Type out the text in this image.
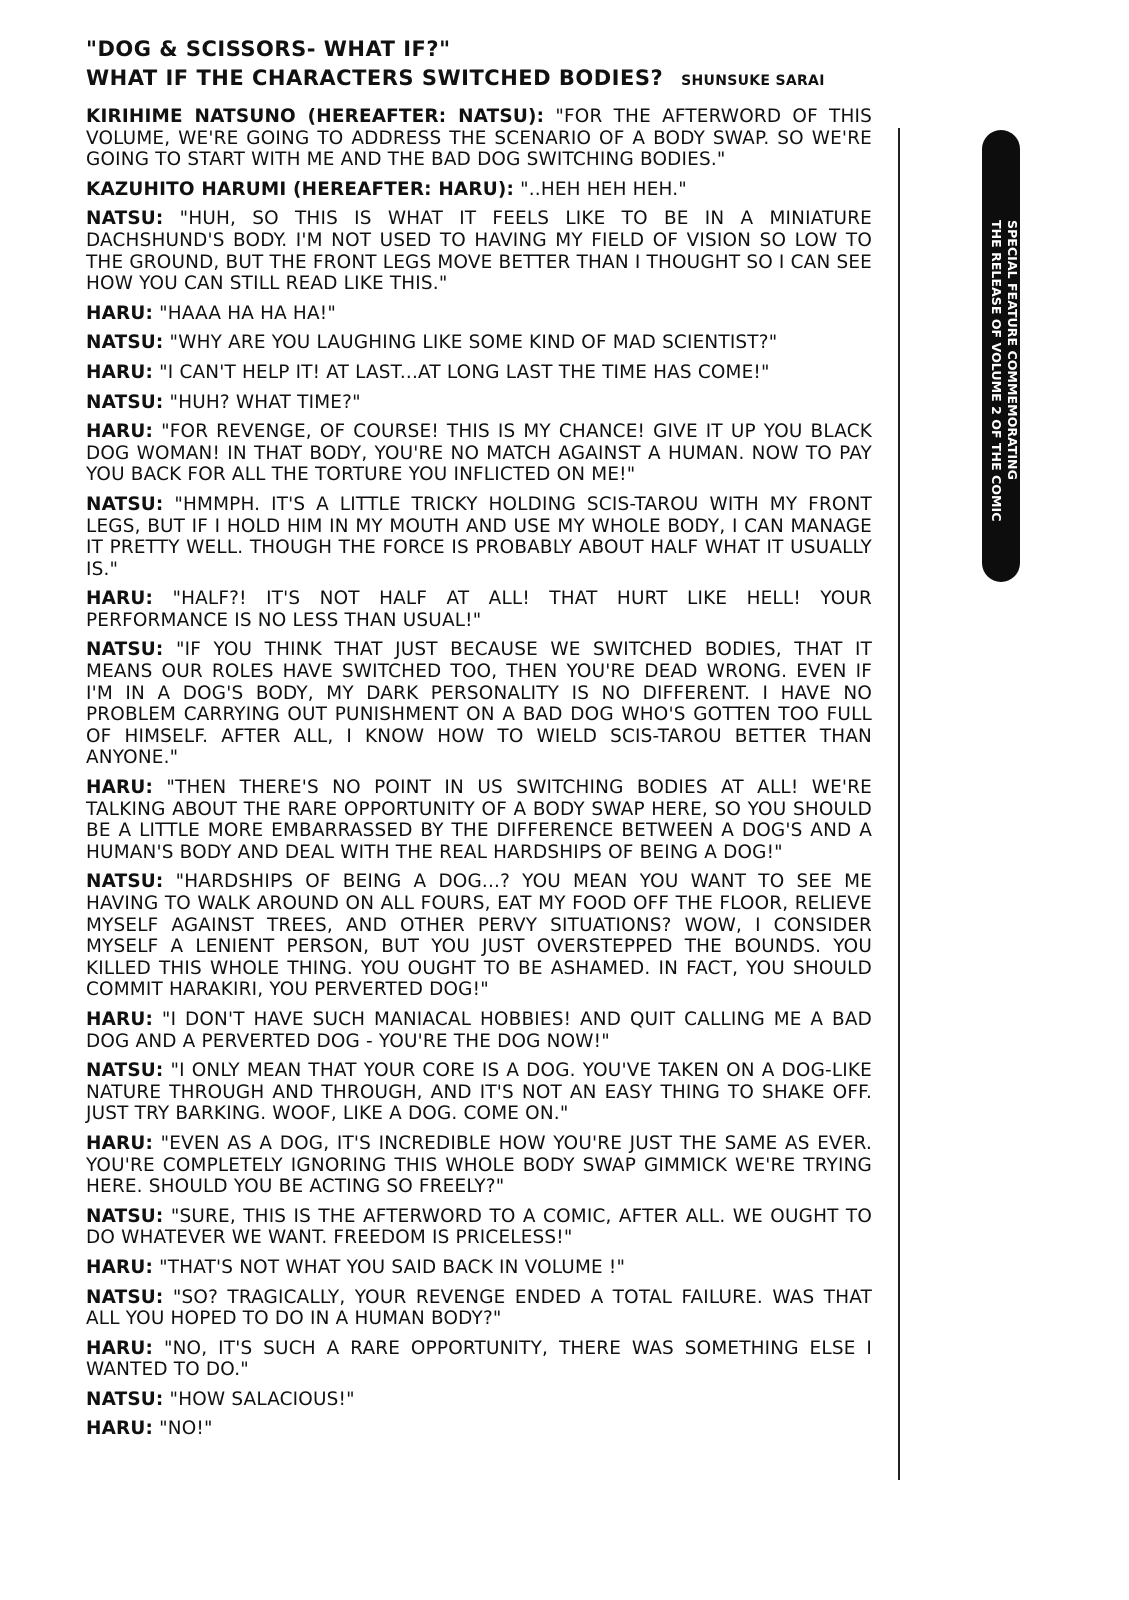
"DOG & SCISSORS- WHAT IF?"
WHAT IF THE CHARACTERS SWITCHED BODIES? SHUNSUKE SARAI

KIRIHIME NATSUNO (HEREAFTER: NATSU): "FOR THE AFTERWORD OF THIS VOLUME, WE'RE GOING TO ADDRESS THE SCENARIO OF A BODY SWAP. SO WE'RE GOING TO START WITH ME AND THE BAD DOG SWITCHING BODIES."

KAZUHITO HARUMI (HEREAFTER: HARU): "..HEH HEH HEH."

NATSU: "HUH, SO THIS IS WHAT IT FEELS LIKE TO BE IN A MINIATURE DACHSHUND'S BODY. I'M NOT USED TO HAVING MY FIELD OF VISION SO LOW TO THE GROUND, BUT THE FRONT LEGS MOVE BETTER THAN I THOUGHT SO I CAN SEE HOW YOU CAN STILL READ LIKE THIS."

HARU: "HAAA HA HA HA!"

NATSU: "WHY ARE YOU LAUGHING LIKE SOME KIND OF MAD SCIENTIST?"

HARU: "I CAN'T HELP IT! AT LAST...AT LONG LAST THE TIME HAS COME!"

NATSU: "HUH? WHAT TIME?"

HARU: "FOR REVENGE, OF COURSE! THIS IS MY CHANCE! GIVE IT UP YOU BLACK DOG WOMAN! IN THAT BODY, YOU'RE NO MATCH AGAINST A HUMAN. NOW TO PAY YOU BACK FOR ALL THE TORTURE YOU INFLICTED ON ME!"

NATSU: "HMMPH. IT'S A LITTLE TRICKY HOLDING SCIS-TAROU WITH MY FRONT LEGS, BUT IF I HOLD HIM IN MY MOUTH AND USE MY WHOLE BODY, I CAN MANAGE IT PRETTY WELL. THOUGH THE FORCE IS PROBABLY ABOUT HALF WHAT IT USUALLY IS."

HARU: "HALF?! IT'S NOT HALF AT ALL! THAT HURT LIKE HELL! YOUR PERFORMANCE IS NO LESS THAN USUAL!"

NATSU: "IF YOU THINK THAT JUST BECAUSE WE SWITCHED BODIES, THAT IT MEANS OUR ROLES HAVE SWITCHED TOO, THEN YOU'RE DEAD WRONG. EVEN IF I'M IN A DOG'S BODY, MY DARK PERSONALITY IS NO DIFFERENT. I HAVE NO PROBLEM CARRYING OUT PUNISHMENT ON A BAD DOG WHO'S GOTTEN TOO FULL OF HIMSELF. AFTER ALL, I KNOW HOW TO WIELD SCIS-TAROU BETTER THAN ANYONE."

HARU: "THEN THERE'S NO POINT IN US SWITCHING BODIES AT ALL! WE'RE TALKING ABOUT THE RARE OPPORTUNITY OF A BODY SWAP HERE, SO YOU SHOULD BE A LITTLE MORE EMBARRASSED BY THE DIFFERENCE BETWEEN A DOG'S AND A HUMAN'S BODY AND DEAL WITH THE REAL HARDSHIPS OF BEING A DOG!"

NATSU: "HARDSHIPS OF BEING A DOG...? YOU MEAN YOU WANT TO SEE ME HAVING TO WALK AROUND ON ALL FOURS, EAT MY FOOD OFF THE FLOOR, RELIEVE MYSELF AGAINST TREES, AND OTHER PERVY SITUATIONS? WOW, I CONSIDER MYSELF A LENIENT PERSON, BUT YOU JUST OVERSTEPPED THE BOUNDS. YOU KILLED THIS WHOLE THING. YOU OUGHT TO BE ASHAMED. IN FACT, YOU SHOULD COMMIT HARAKIRI, YOU PERVERTED DOG!"

HARU: "I DON'T HAVE SUCH MANIACAL HOBBIES! AND QUIT CALLING ME A BAD DOG AND A PERVERTED DOG - YOU'RE THE DOG NOW!"

NATSU: "I ONLY MEAN THAT YOUR CORE IS A DOG. YOU'VE TAKEN ON A DOG-LIKE NATURE THROUGH AND THROUGH, AND IT'S NOT AN EASY THING TO SHAKE OFF. JUST TRY BARKING. WOOF, LIKE A DOG. COME ON."

HARU: "EVEN AS A DOG, IT'S INCREDIBLE HOW YOU'RE JUST THE SAME AS EVER. YOU'RE COMPLETELY IGNORING THIS WHOLE BODY SWAP GIMMICK WE'RE TRYING HERE. SHOULD YOU BE ACTING SO FREELY?"

NATSU: "SURE, THIS IS THE AFTERWORD TO A COMIC, AFTER ALL. WE OUGHT TO DO WHATEVER WE WANT. FREEDOM IS PRICELESS!"

HARU: "THAT'S NOT WHAT YOU SAID BACK IN VOLUME !"

NATSU: "SO? TRAGICALLY, YOUR REVENGE ENDED A TOTAL FAILURE. WAS THAT ALL YOU HOPED TO DO IN A HUMAN BODY?"

HARU: "NO, IT'S SUCH A RARE OPPORTUNITY, THERE WAS SOMETHING ELSE I WANTED TO DO."

NATSU: "HOW SALACIOUS!"

HARU: "NO!"

SPECIAL FEATURE COMMEMORATING
THE RELEASE OF VOLUME 2 OF THE COMIC
